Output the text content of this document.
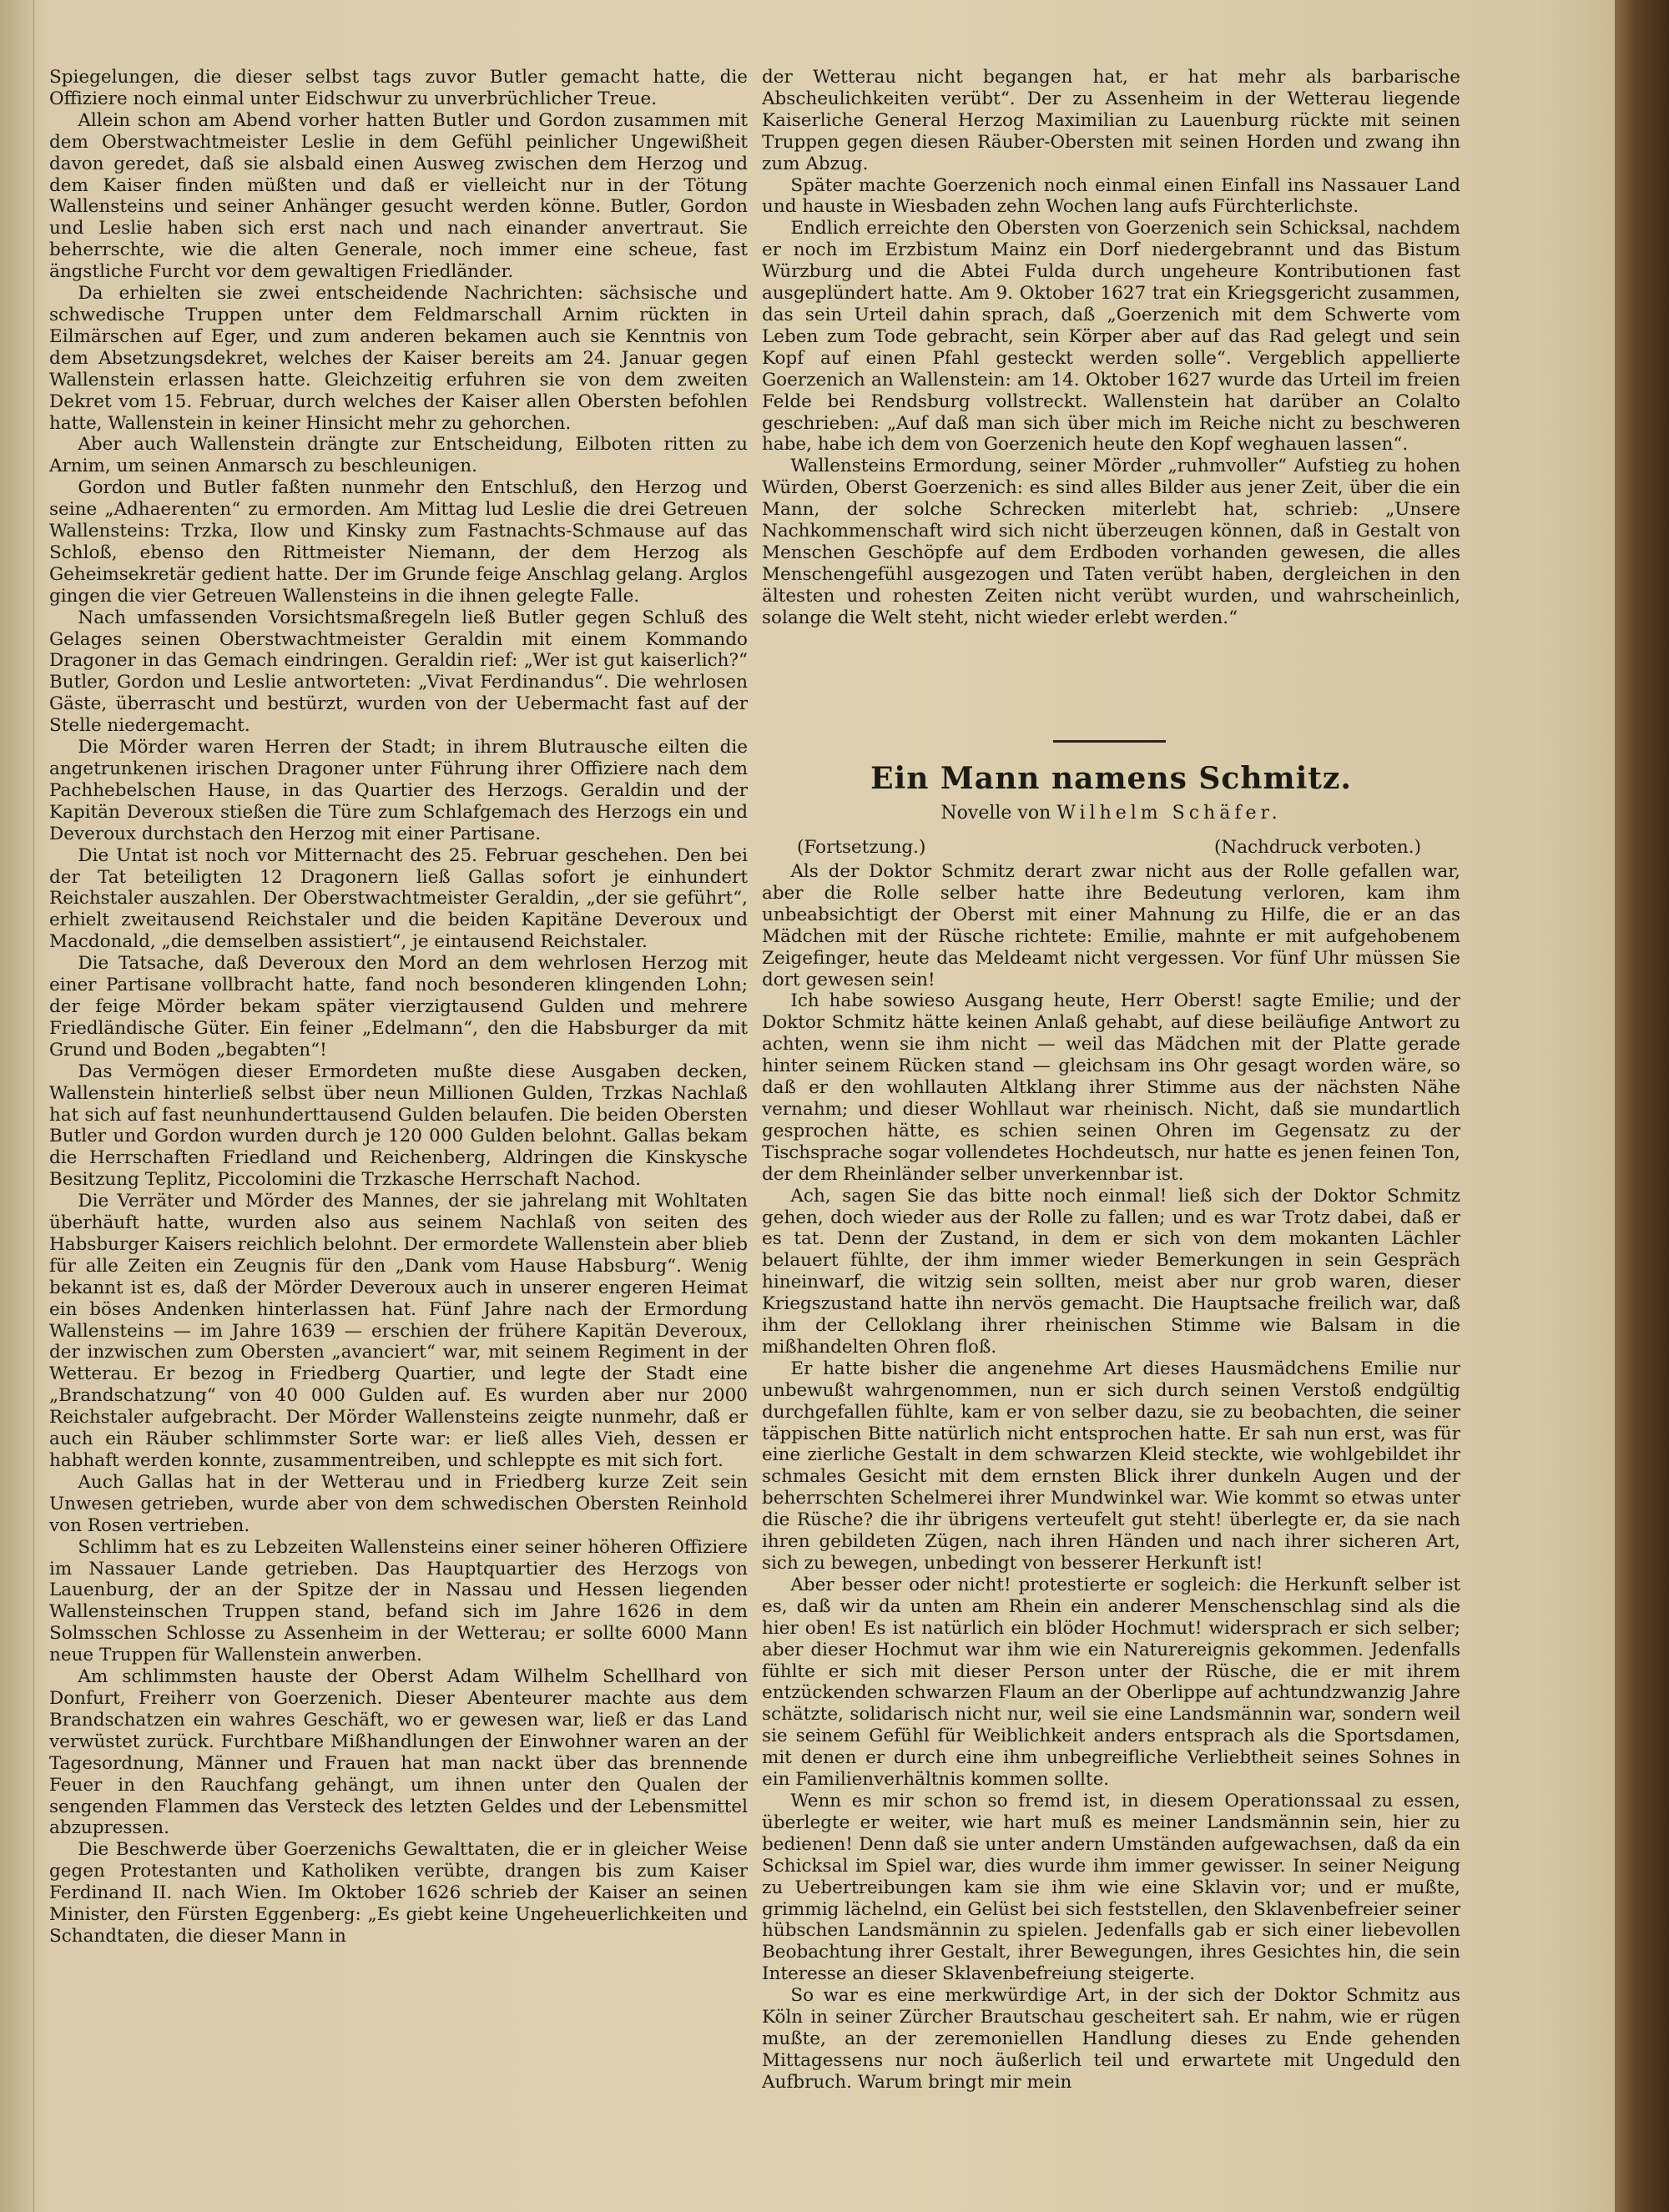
Spiegelungen, die dieser selbst tags zuvor Butler gemacht hatte, die Offiziere noch einmal unter Eidschwur zu unverbrüchlicher Treue.

Allein schon am Abend vorher hatten Butler und Gordon zusammen mit dem Oberstwachtmeister Leslie in dem Gefühl peinlicher Ungewißheit davon geredet, daß sie alsbald einen Ausweg zwischen dem Herzog und dem Kaiser finden müßten und daß er vielleicht nur in der Tötung Wallensteins und seiner Anhänger gesucht werden könne. Butler, Gordon und Leslie haben sich erst nach und nach einander anvertraut. Sie beherrschte, wie die alten Generale, noch immer eine scheue, fast ängstliche Furcht vor dem gewaltigen Friedländer.

Da erhielten sie zwei entscheidende Nachrichten: sächsische und schwedische Truppen unter dem Feldmarschall Arnim rückten in Eilmärschen auf Eger, und zum anderen bekamen auch sie Kenntnis von dem Absetzungsdekret, welches der Kaiser bereits am 24. Januar gegen Wallenstein erlassen hatte. Gleichzeitig erfuhren sie von dem zweiten Dekret vom 15. Februar, durch welches der Kaiser allen Obersten befohlen hatte, Wallenstein in keiner Hinsicht mehr zu gehorchen.

Aber auch Wallenstein drängte zur Entscheidung, Eilboten ritten zu Arnim, um seinen Anmarsch zu beschleunigen.

Gordon und Butler faßten nunmehr den Entschluß, den Herzog und seine „Adhaerenten“ zu ermorden. Am Mittag lud Leslie die drei Getreuen Wallensteins: Trzka, Ilow und Kinsky zum Fastnachts-Schmause auf das Schloß, ebenso den Rittmeister Niemann, der dem Herzog als Geheimsekretär gedient hatte. Der im Grunde feige Anschlag gelang. Arglos gingen die vier Getreuen Wallensteins in die ihnen gelegte Falle.

Nach umfassenden Vorsichtsmaßregeln ließ Butler gegen Schluß des Gelages seinen Oberstwachtmeister Geraldin mit einem Kommando Dragoner in das Gemach eindringen. Geraldin rief: „Wer ist gut kaiserlich?“ Butler, Gordon und Leslie antworteten: „Vivat Ferdinandus“. Die wehrlosen Gäste, überrascht und bestürzt, wurden von der Uebermacht fast auf der Stelle niedergemacht.

Die Mörder waren Herren der Stadt; in ihrem Blutrausche eilten die angetrunkenen irischen Dragoner unter Führung ihrer Offiziere nach dem Pachhebelschen Hause, in das Quartier des Herzogs. Geraldin und der Kapitän Deveroux stießen die Türe zum Schlafgemach des Herzogs ein und Deveroux durchstach den Herzog mit einer Partisane.

Die Untat ist noch vor Mitternacht des 25. Februar geschehen. Den bei der Tat beteiligten 12 Dragonern ließ Gallas sofort je einhundert Reichstaler auszahlen. Der Oberstwachtmeister Geraldin, „der sie geführt“, erhielt zweitausend Reichstaler und die beiden Kapitäne Deveroux und Macdonald, „die demselben assistiert“, je eintausend Reichstaler.

Die Tatsache, daß Deveroux den Mord an dem wehrlosen Herzog mit einer Partisane vollbracht hatte, fand noch besonderen klingenden Lohn; der feige Mörder bekam später vierzigtausend Gulden und mehrere Friedländische Güter. Ein feiner „Edelmann“, den die Habsburger da mit Grund und Boden „begabten“!

Das Vermögen dieser Ermordeten mußte diese Ausgaben decken, Wallenstein hinterließ selbst über neun Millionen Gulden, Trzkas Nachlaß hat sich auf fast neunhunderttausend Gulden belaufen. Die beiden Obersten Butler und Gordon wurden durch je 120 000 Gulden belohnt. Gallas bekam die Herrschaften Friedland und Reichenberg, Aldringen die Kinskysche Besitzung Teplitz, Piccolomini die Trzkasche Herrschaft Nachod.

Die Verräter und Mörder des Mannes, der sie jahrelang mit Wohltaten überhäuft hatte, wurden also aus seinem Nachlaß von seiten des Habsburger Kaisers reichlich belohnt. Der ermordete Wallenstein aber blieb für alle Zeiten ein Zeugnis für den „Dank vom Hause Habsburg“. Wenig bekannt ist es, daß der Mörder Deveroux auch in unserer engeren Heimat ein böses Andenken hinterlassen hat. Fünf Jahre nach der Ermordung Wallensteins — im Jahre 1639 — erschien der frühere Kapitän Deveroux, der inzwischen zum Obersten „avanciert“ war, mit seinem Regiment in der Wetterau. Er bezog in Friedberg Quartier, und legte der Stadt eine „Brandschatzung“ von 40 000 Gulden auf. Es wurden aber nur 2000 Reichstaler aufgebracht. Der Mörder Wallensteins zeigte nunmehr, daß er auch ein Räuber schlimmster Sorte war: er ließ alles Vieh, dessen er habhaft werden konnte, zusammentreiben, und schleppte es mit sich fort.

Auch Gallas hat in der Wetterau und in Friedberg kurze Zeit sein Unwesen getrieben, wurde aber von dem schwedischen Obersten Reinhold von Rosen vertrieben.

Schlimm hat es zu Lebzeiten Wallensteins einer seiner höheren Offiziere im Nassauer Lande getrieben. Das Hauptquartier des Herzogs von Lauenburg, der an der Spitze der in Nassau und Hessen liegenden Wallensteinschen Truppen stand, befand sich im Jahre 1626 in dem Solmsschen Schlosse zu Assenheim in der Wetterau; er sollte 6000 Mann neue Truppen für Wallenstein anwerben.

Am schlimmsten hauste der Oberst Adam Wilhelm Schellhard von Donfurt, Freiherr von Goerzenich. Dieser Abenteurer machte aus dem Brandschatzen ein wahres Geschäft, wo er gewesen war, ließ er das Land verwüstet zurück. Furchtbare Mißhandlungen der Einwohner waren an der Tagesordnung, Männer und Frauen hat man nackt über das brennende Feuer in den Rauchfang gehängt, um ihnen unter den Qualen der sengenden Flammen das Versteck des letzten Geldes und der Lebensmittel abzupressen.

Die Beschwerde über Goerzenichs Gewalttaten, die er in gleicher Weise gegen Protestanten und Katholiken verübte, drangen bis zum Kaiser Ferdinand II. nach Wien. Im Oktober 1626 schrieb der Kaiser an seinen Minister, den Fürsten Eggenberg: „Es giebt keine Ungeheuerlichkeiten und Schandtaten, die dieser Mann in

der Wetterau nicht begangen hat, er hat mehr als barbarische Abscheulichkeiten verübt“. Der zu Assenheim in der Wetterau liegende Kaiserliche General Herzog Maximilian zu Lauenburg rückte mit seinen Truppen gegen diesen Räuber-Obersten mit seinen Horden und zwang ihn zum Abzug.

Später machte Goerzenich noch einmal einen Einfall ins Nassauer Land und hauste in Wiesbaden zehn Wochen lang aufs Fürchterlichste.

Endlich erreichte den Obersten von Goerzenich sein Schicksal, nachdem er noch im Erzbistum Mainz ein Dorf niedergebrannt und das Bistum Würzburg und die Abtei Fulda durch ungeheure Kontributionen fast ausgeplündert hatte. Am 9. Oktober 1627 trat ein Kriegsgericht zusammen, das sein Urteil dahin sprach, daß „Goerzenich mit dem Schwerte vom Leben zum Tode gebracht, sein Körper aber auf das Rad gelegt und sein Kopf auf einen Pfahl gesteckt werden solle“. Vergeblich appellierte Goerzenich an Wallenstein: am 14. Oktober 1627 wurde das Urteil im freien Felde bei Rendsburg vollstreckt. Wallenstein hat darüber an Colalto geschrieben: „Auf daß man sich über mich im Reiche nicht zu beschweren habe, habe ich dem von Goerzenich heute den Kopf weghauen lassen“.

Wallensteins Ermordung, seiner Mörder „ruhmvoller“ Aufstieg zu hohen Würden, Oberst Goerzenich: es sind alles Bilder aus jener Zeit, über die ein Mann, der solche Schrecken miterlebt hat, schrieb: „Unsere Nachkommenschaft wird sich nicht überzeugen können, daß in Gestalt von Menschen Geschöpfe auf dem Erdboden vorhanden gewesen, die alles Menschengefühl ausgezogen und Taten verübt haben, dergleichen in den ältesten und rohesten Zeiten nicht verübt wurden, und wahrscheinlich, solange die Welt steht, nicht wieder erlebt werden.“

Ein Mann namens Schmitz.
Novelle von Wilhelm Schäfer.
(Fortsetzung.)	(Nachdruck verboten.)

Als der Doktor Schmitz derart zwar nicht aus der Rolle gefallen war, aber die Rolle selber hatte ihre Bedeutung verloren, kam ihm unbeabsichtigt der Oberst mit einer Mahnung zu Hilfe, die er an das Mädchen mit der Rüsche richtete: Emilie, mahnte er mit aufgehobenem Zeigefinger, heute das Meldeamt nicht vergessen. Vor fünf Uhr müssen Sie dort gewesen sein!

Ich habe sowieso Ausgang heute, Herr Oberst! sagte Emilie; und der Doktor Schmitz hätte keinen Anlaß gehabt, auf diese beiläufige Antwort zu achten, wenn sie ihm nicht — weil das Mädchen mit der Platte gerade hinter seinem Rücken stand — gleichsam ins Ohr gesagt worden wäre, so daß er den wohllauten Altklang ihrer Stimme aus der nächsten Nähe vernahm; und dieser Wohllaut war rheinisch. Nicht, daß sie mundartlich gesprochen hätte, es schien seinen Ohren im Gegensatz zu der Tischsprache sogar vollendetes Hochdeutsch, nur hatte es jenen feinen Ton, der dem Rheinländer selber unverkennbar ist.

Ach, sagen Sie das bitte noch einmal! ließ sich der Doktor Schmitz gehen, doch wieder aus der Rolle zu fallen; und es war Trotz dabei, daß er es tat. Denn der Zustand, in dem er sich von dem mokanten Lächler belauert fühlte, der ihm immer wieder Bemerkungen in sein Gespräch hineinwarf, die witzig sein sollten, meist aber nur grob waren, dieser Kriegszustand hatte ihn nervös gemacht. Die Hauptsache freilich war, daß ihm der Celloklang ihrer rheinischen Stimme wie Balsam in die mißhandelten Ohren floß.

Er hatte bisher die angenehme Art dieses Hausmädchens Emilie nur unbewußt wahrgenommen, nun er sich durch seinen Verstoß endgültig durchgefallen fühlte, kam er von selber dazu, sie zu beobachten, die seiner täppischen Bitte natürlich nicht entsprochen hatte. Er sah nun erst, was für eine zierliche Gestalt in dem schwarzen Kleid steckte, wie wohlgebildet ihr schmales Gesicht mit dem ernsten Blick ihrer dunkeln Augen und der beherrschten Schelmerei ihrer Mundwinkel war. Wie kommt so etwas unter die Rüsche? die ihr übrigens verteufelt gut steht! überlegte er, da sie nach ihren gebildeten Zügen, nach ihren Händen und nach ihrer sicheren Art, sich zu bewegen, unbedingt von besserer Herkunft ist!

Aber besser oder nicht! protestierte er sogleich: die Herkunft selber ist es, daß wir da unten am Rhein ein anderer Menschenschlag sind als die hier oben! Es ist natürlich ein blöder Hochmut! widersprach er sich selber; aber dieser Hochmut war ihm wie ein Naturereignis gekommen. Jedenfalls fühlte er sich mit dieser Person unter der Rüsche, die er mit ihrem entzückenden schwarzen Flaum an der Oberlippe auf achtundzwanzig Jahre schätzte, solidarisch nicht nur, weil sie eine Landsmännin war, sondern weil sie seinem Gefühl für Weiblichkeit anders entsprach als die Sportsdamen, mit denen er durch eine ihm unbegreifliche Verliebtheit seines Sohnes in ein Familienverhältnis kommen sollte.

Wenn es mir schon so fremd ist, in diesem Operationssaal zu essen, überlegte er weiter, wie hart muß es meiner Landsmännin sein, hier zu bedienen! Denn daß sie unter andern Umständen aufgewachsen, daß da ein Schicksal im Spiel war, dies wurde ihm immer gewisser. In seiner Neigung zu Uebertreibungen kam sie ihm wie eine Sklavin vor; und er mußte, grimmig lächelnd, ein Gelüst bei sich feststellen, den Sklavenbefreier seiner hübschen Landsmännin zu spielen. Jedenfalls gab er sich einer liebevollen Beobachtung ihrer Gestalt, ihrer Bewegungen, ihres Gesichtes hin, die sein Interesse an dieser Sklavenbefreiung steigerte.

So war es eine merkwürdige Art, in der sich der Doktor Schmitz aus Köln in seiner Zürcher Brautschau gescheitert sah. Er nahm, wie er rügen mußte, an der zeremoniellen Handlung dieses zu Ende gehenden Mittagessens nur noch äußerlich teil und erwartete mit Ungeduld den Aufbruch. Warum bringt mir mein
